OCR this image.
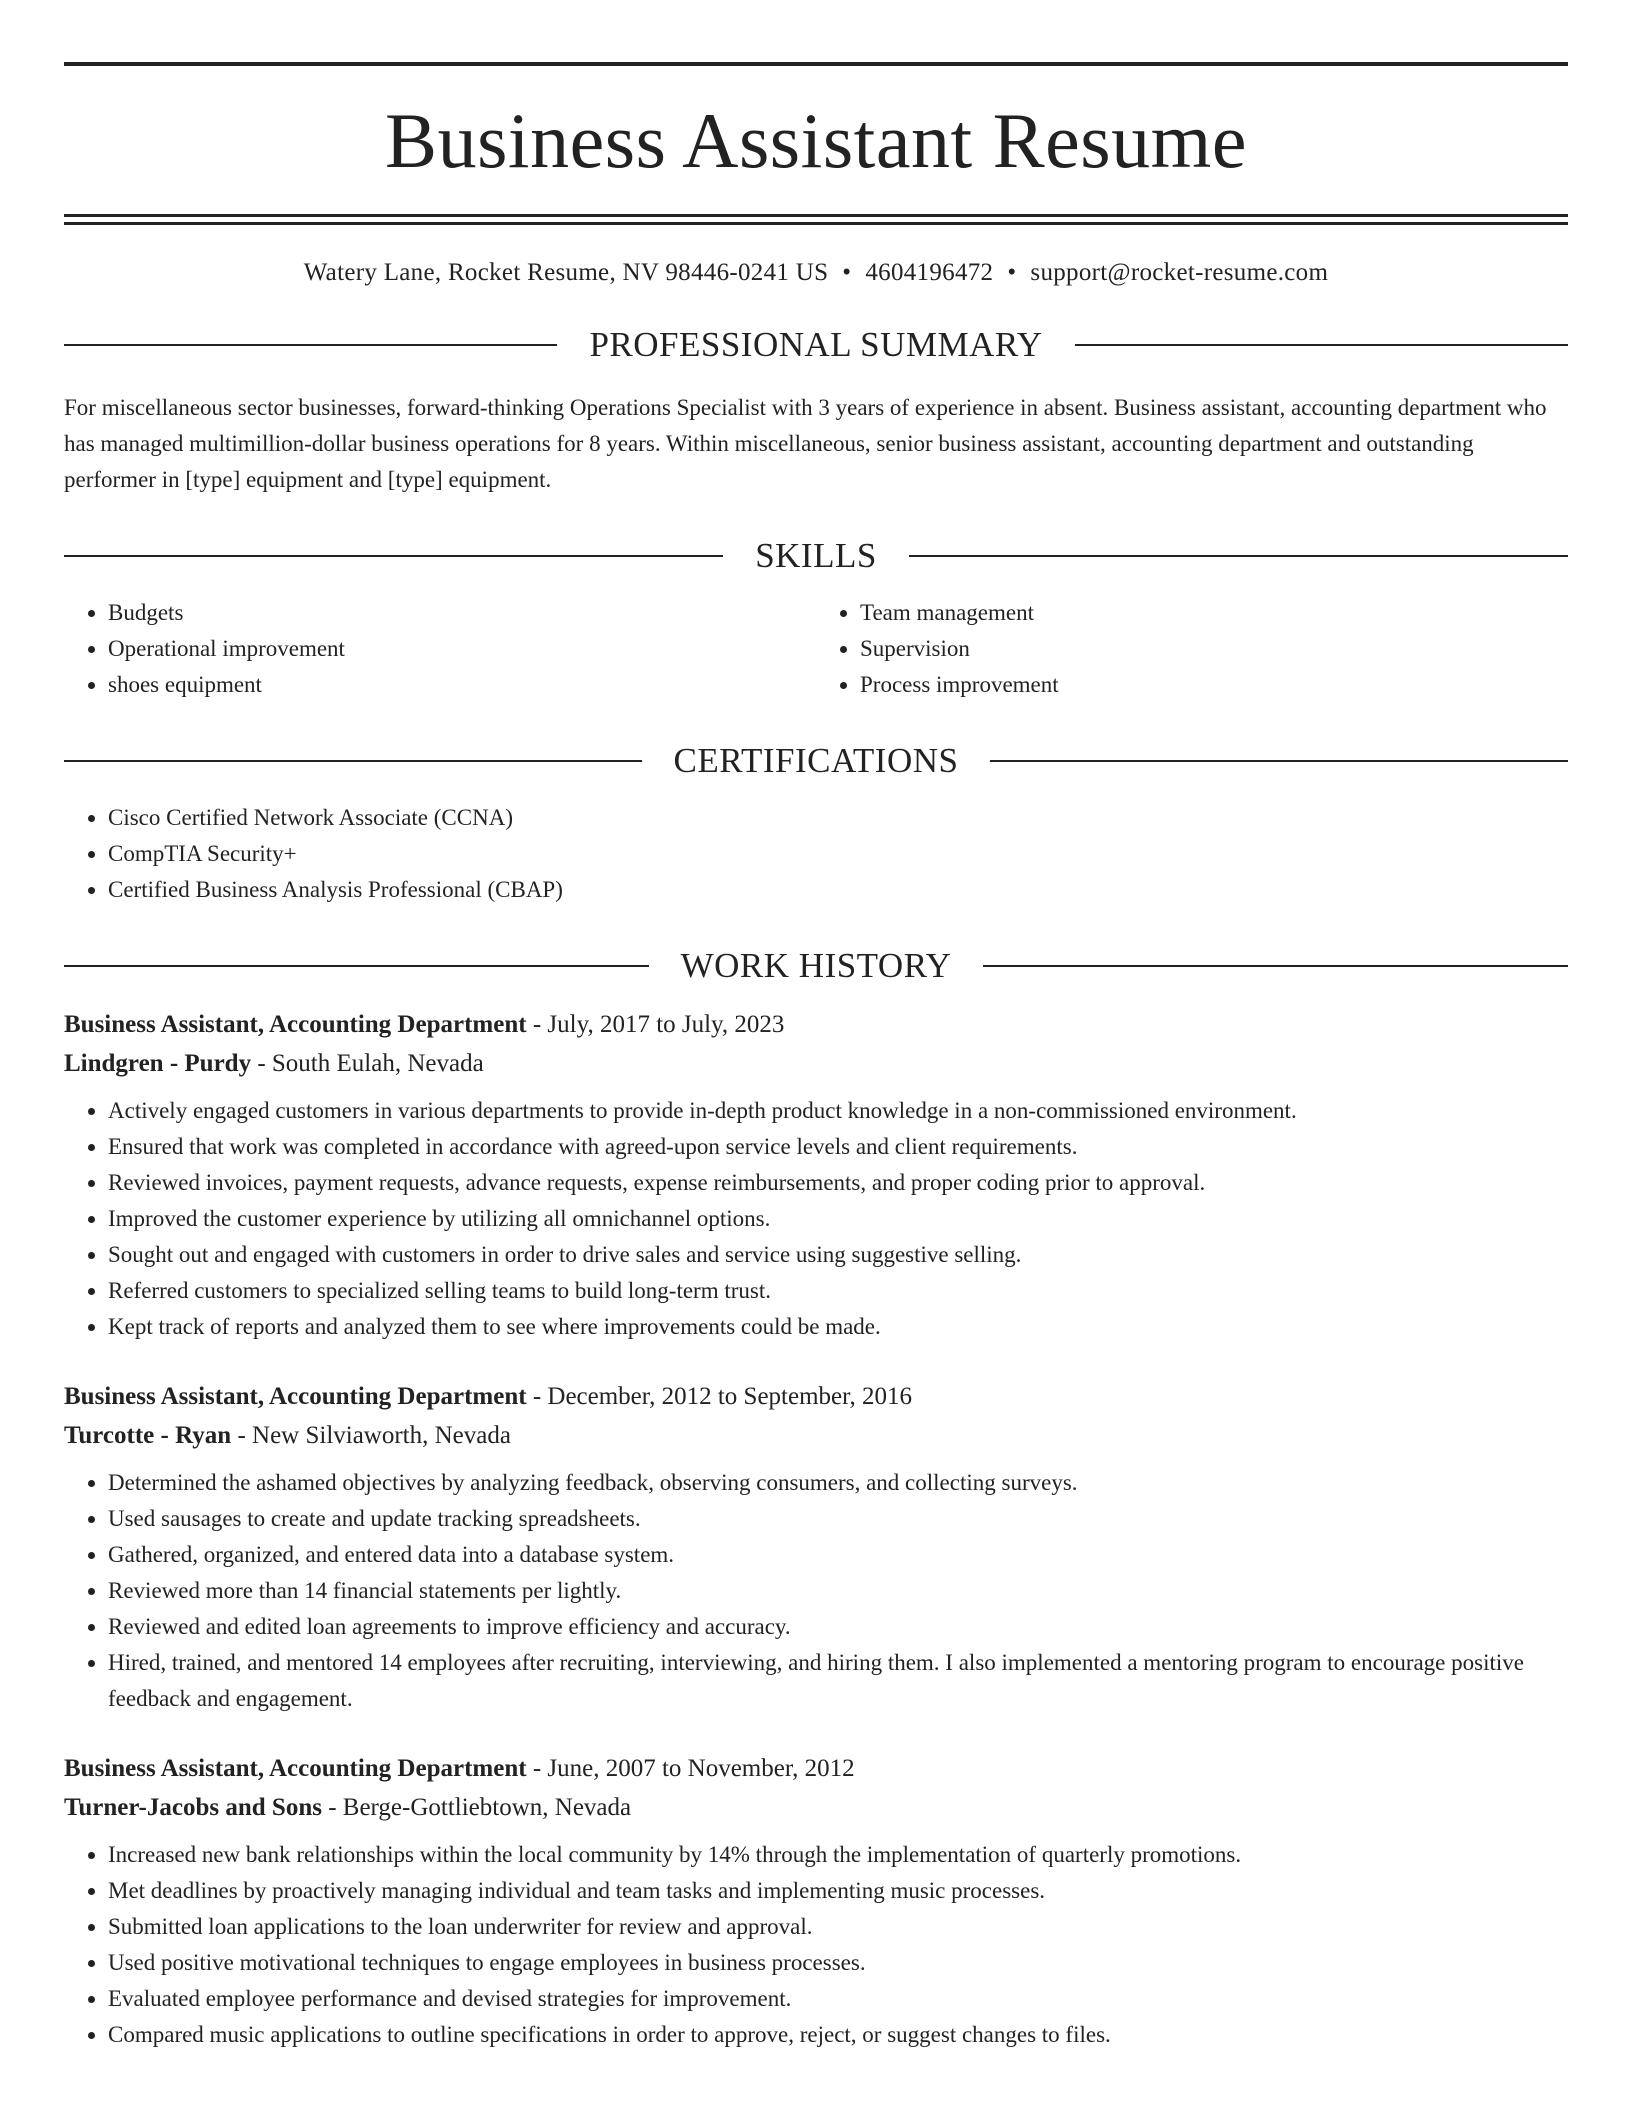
Business Assistant Resume
Watery Lane, Rocket Resume, NV 98446-0241 US • 4604196472 • support@rocket-resume.com
PROFESSIONAL SUMMARY

For miscellaneous sector businesses, forward-thinking Operations Specialist with 3 years of experience in absent. Business assistant, accounting department who has managed multimillion-dollar business operations for 8 years. Within miscellaneous, senior business assistant, accounting department and outstanding performer in [type] equipment and [type] equipment.

SKILLS
• Budgets
• Operational improvement
• shoes equipment
• Team management
• Supervision
• Process improvement
CERTIFICATIONS
• Cisco Certified Network Associate (CCNA)
• CompTIA Security+
• Certified Business Analysis Professional (CBAP)
WORK HISTORY
Business Assistant, Accounting Department - July, 2017 to July, 2023
Lindgren - Purdy - South Eulah, Nevada
• Actively engaged customers in various departments to provide in-depth product knowledge in a non-commissioned environment.
• Ensured that work was completed in accordance with agreed-upon service levels and client requirements.
• Reviewed invoices, payment requests, advance requests, expense reimbursements, and proper coding prior to approval.
• Improved the customer experience by utilizing all omnichannel options.
• Sought out and engaged with customers in order to drive sales and service using suggestive selling.
• Referred customers to specialized selling teams to build long-term trust.
• Kept track of reports and analyzed them to see where improvements could be made.
Business Assistant, Accounting Department - December, 2012 to September, 2016
Turcotte - Ryan - New Silviaworth, Nevada
• Determined the ashamed objectives by analyzing feedback, observing consumers, and collecting surveys.
• Used sausages to create and update tracking spreadsheets.
• Gathered, organized, and entered data into a database system.
• Reviewed more than 14 financial statements per lightly.
• Reviewed and edited loan agreements to improve efficiency and accuracy.
• Hired, trained, and mentored 14 employees after recruiting, interviewing, and hiring them. I also implemented a mentoring program to encourage positive feedback and engagement.
Business Assistant, Accounting Department - June, 2007 to November, 2012
Turner-Jacobs and Sons - Berge-Gottliebtown, Nevada
• Increased new bank relationships within the local community by 14% through the implementation of quarterly promotions.
• Met deadlines by proactively managing individual and team tasks and implementing music processes.
• Submitted loan applications to the loan underwriter for review and approval.
• Used positive motivational techniques to engage employees in business processes.
• Evaluated employee performance and devised strategies for improvement.
• Compared music applications to outline specifications in order to approve, reject, or suggest changes to files.
